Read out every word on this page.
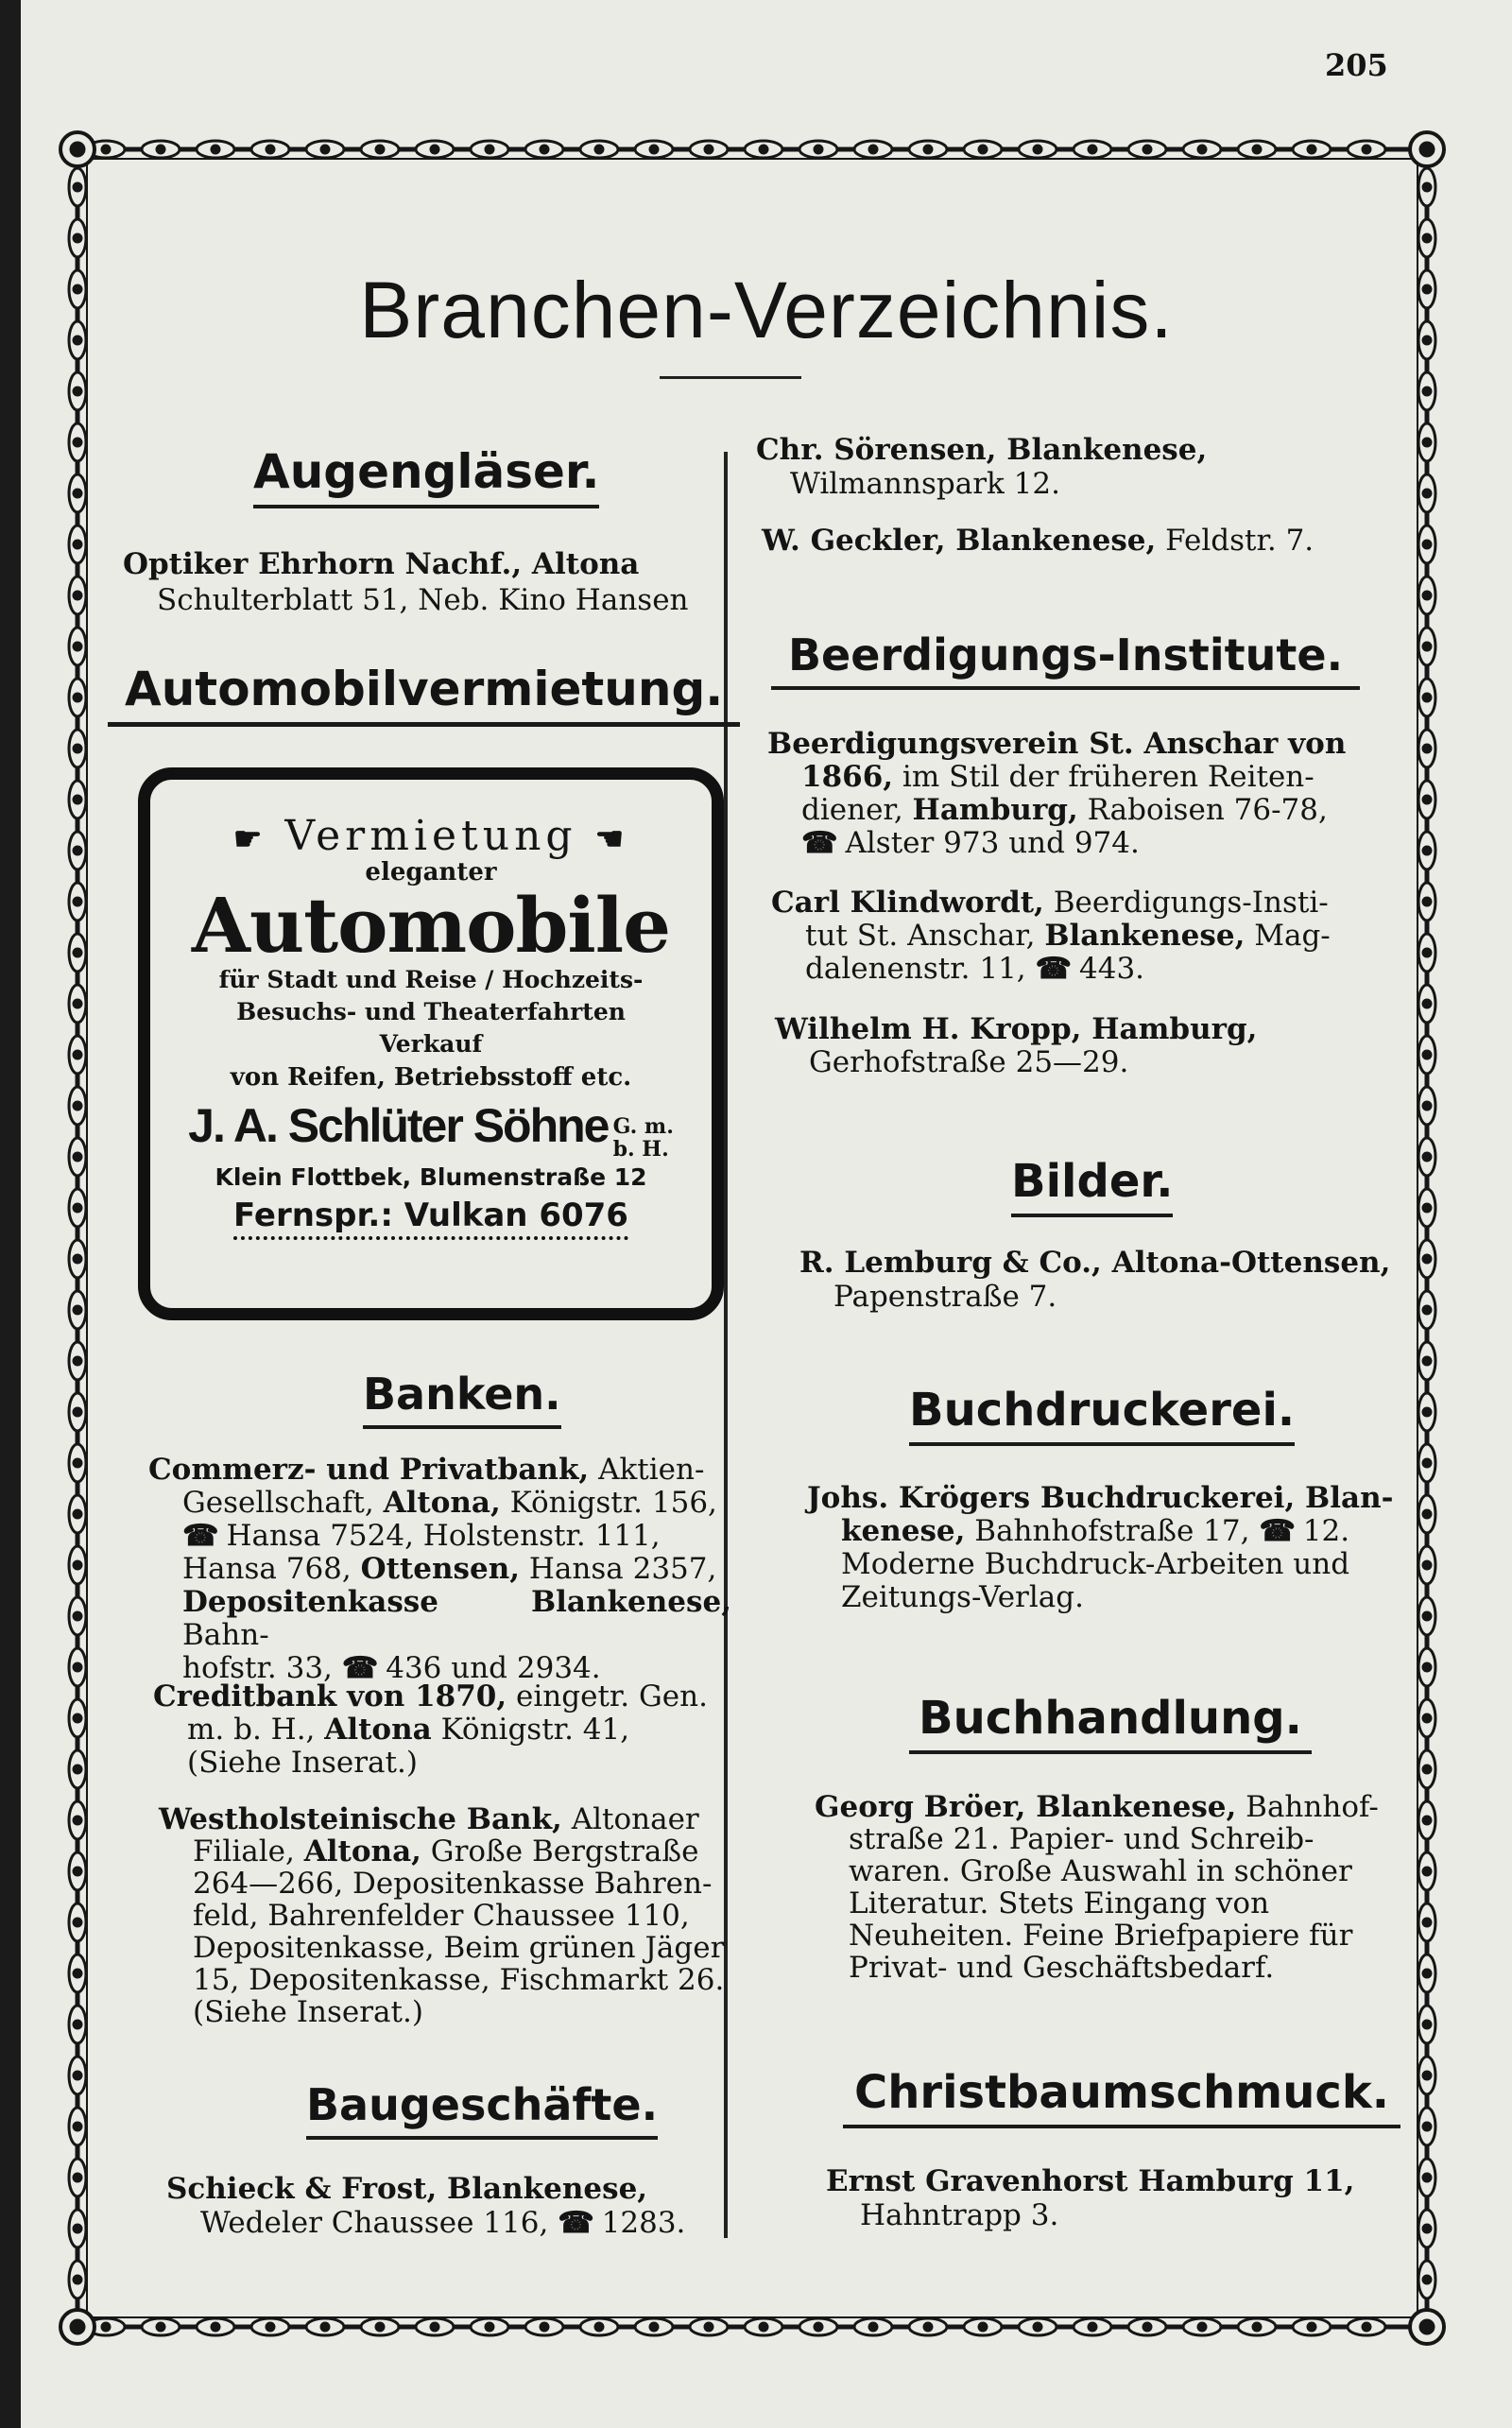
205
Branchen-Verzeichnis.
Augengläser.
Optiker Ehrhorn Nachf., Altona
Schulterblatt 51, Neb. Kino Hansen
Automobilvermietung.
☛ Vermietung ☚
eleganter
Automobile
für Stadt und Reise / Hochzeits-
Besuchs- und Theaterfahrten
Verkauf
von Reifen, Betriebsstoff etc.
J. A. Schlüter Söhne G. m.
b. H.
Klein Flottbek, Blumenstraße 12
Fernspr.: Vulkan 6076
Banken.
Commerz- und Privatbank, Aktien-
Gesellschaft, Altona, Königstr. 156,
☎ Hansa 7524, Holstenstr. 111,
Hansa 768, Ottensen, Hansa 2357,
Depositenkasse Blankenese, Bahn-
hofstr. 33, ☎ 436 und 2934.
Creditbank von 1870, eingetr. Gen.
m. b. H., Altona Königstr. 41,
(Siehe Inserat.)
Westholsteinische Bank, Altonaer
Filiale, Altona, Große Bergstraße
264—266, Depositenkasse Bahren-
feld, Bahrenfelder Chaussee 110,
Depositenkasse, Beim grünen Jäger
15, Depositenkasse, Fischmarkt 26.
(Siehe Inserat.)
Baugeschäfte.
Schieck & Frost, Blankenese,
Wedeler Chaussee 116, ☎ 1283.
Chr. Sörensen, Blankenese,
Wilmannspark 12.
W. Geckler, Blankenese, Feldstr. 7.
Beerdigungs-Institute.
Beerdigungsverein St. Anschar von
1866, im Stil der früheren Reiten-
diener, Hamburg, Raboisen 76-78,
☎ Alster 973 und 974.
Carl Klindwordt, Beerdigungs-Insti-
tut St. Anschar, Blankenese, Mag-
dalenenstr. 11, ☎ 443.
Wilhelm H. Kropp, Hamburg,
Gerhofstraße 25—29.
Bilder.
R. Lemburg & Co., Altona-Ottensen,
Papenstraße 7.
Buchdruckerei.
Johs. Krögers Buchdruckerei, Blan-
kenese, Bahnhofstraße 17, ☎ 12.
Moderne Buchdruck-Arbeiten und
Zeitungs-Verlag.
Buchhandlung.
Georg Bröer, Blankenese, Bahnhof-
straße 21. Papier- und Schreib-
waren. Große Auswahl in schöner
Literatur. Stets Eingang von
Neuheiten. Feine Briefpapiere für
Privat- und Geschäftsbedarf.
Christbaumschmuck.
Ernst Gravenhorst Hamburg 11,
Hahntrapp 3.
